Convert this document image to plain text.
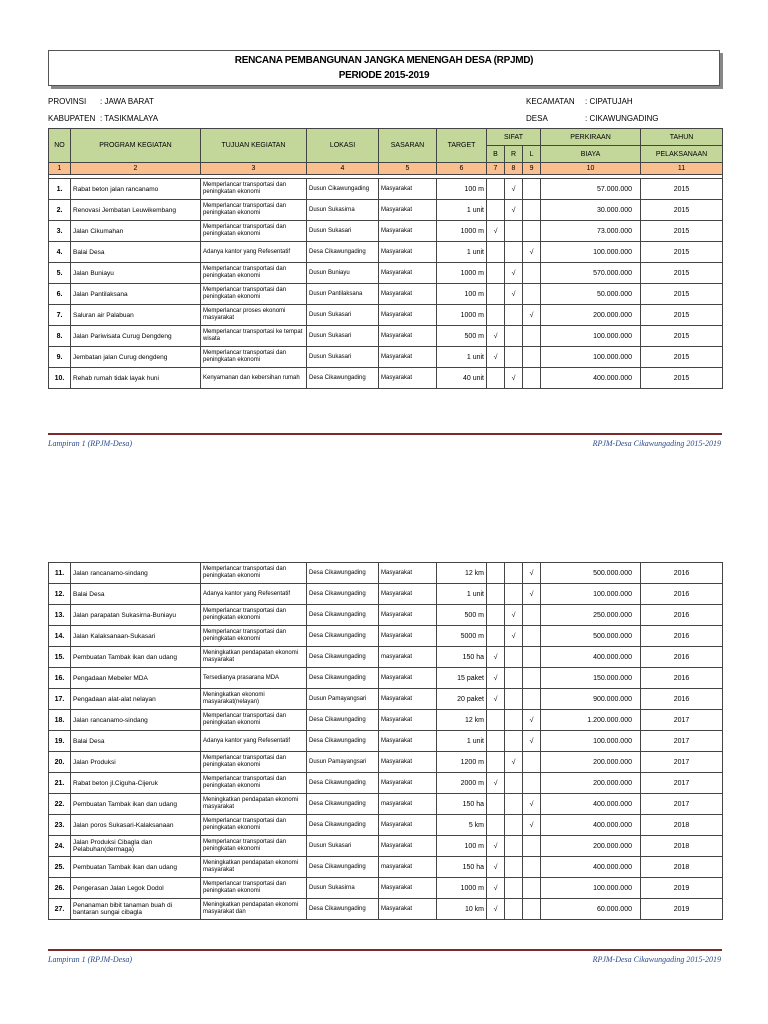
RENCANA PEMBANGUNAN JANGKA MENENGAH DESA (RPJMD)
PERIODE 2015-2019
PROVINSI : JAWA BARAT
KABUPATEN : TASIKMALAYA
KECAMATAN : CIPATUJAH
DESA	: CIKAWUNGADING
NO	PROGRAM KEGIATAN	TUJUAN KEGIATAN	LOKASI	SASARAN	TARGET	SIFAT			PERKIRAAN	TAHUN
						B	R	L	BIAYA	PELAKSANAAN
1	2	3	4	5	6	7	8	9	10	11

1.	Rabat beton jalan rancanamo	Memperlancar transportasi dan peningkatan ekonomi	Dusun Cikawungading	Masyarakat	100 m		√		57.000.000	2015
2.	Renovasi Jembatan Leuwikembang	Memperlancar transportasi dan peningkatan ekonomi	Dusun Sukasirna	Masyarakat	1 unit		√		30.000.000	2015
3.	Jalan Cikumahan	Memperlancar transportasi dan peningkatan ekonomi	Dusun Sukasari	Masyarakat	1000 m	√			73.000.000	2015
4.	Balai Desa	Adanya kantor yang Refesentatif	Desa Cikawungading	Masyarakat	1 unit			√	100.000.000	2015
5.	Jalan Buniayu	Memperlancar transportasi dan peningkatan ekonomi	Dusun Buniayu	Masyarakat	1000 m		√		570.000.000	2015
6.	Jalan Pantilaksana	Memperlancar transportasi dan peningkatan ekonomi	Dusun Pantilaksana	Masyarakat	100 m		√		50.000.000	2015
7.	Saluran air Palabuan	Memperlancar proses ekonomi masyarakat	Dusun Sukasari	Masyarakat	1000 m			√	200.000.000	2015
8.	Jalan Pariwisata Curug Dengdeng	Memperlancar transportasi ke tempat wisata	Dusun Sukasari	Masyarakat	500 m	√			100.000.000	2015
9.	Jembatan jalan Curug dengdeng	Memperlancar transportasi dan peningkatan ekonomi	Dusun Sukasari	Masyarakat	1 unit	√			100.000.000	2015
10.	Rehab rumah tidak layak huni	Kenyamanan dan kebersihan rumah	Desa Cikawungading	Masyarakat	40 unit		√		400.000.000	2015
Lampiran 1 (RPJM-Desa)	RPJM-Desa Cikawungading 2015-2019
11.	Jalan rancanamo-sindang	Memperlancar transportasi dan peningkatan ekonomi	Desa Cikawungading	Masyarakat	12 km			√	500.000.000	2016
12.	Balai Desa	Adanya kantor yang Refesentatif	Desa Cikawungading	Masyarakat	1 unit			√	100.000.000	2016
13.	Jalan parapatan Sukasirna-Buniayu	Memperlancar transportasi dan peningkatan ekonomi	Desa Cikawungading	Masyarakat	500 m		√		250.000.000	2016
14.	Jalan Kalaksanaan-Sukasari	Memperlancar transportasi dan peningkatan ekonomi	Desa Cikawungading	Masyarakat	5000 m		√		500.000.000	2016
15.	Pembuatan Tambak ikan dan udang	Meningkatkan pendapatan ekonomi masyarakat	Desa Cikawungading	masyarakat	150 ha	√			400.000.000	2016
16.	Pengadaan Mebeler MDA	Tersedianya prasarana MDA	Desa Cikawungading	Masyarakat	15 paket	√			150.000.000	2016
17.	Pengadaan alat-alat nelayan	Meningkatkan ekonomi masyarakat(nelayan)	Dusun Pamayangsari	Masyarakat	20 paket	√			900.000.000	2016
18.	Jalan rancanamo-sindang	Memperlancar transportasi dan peningkatan ekonomi	Desa Cikawungading	Masyarakat	12 km			√	1.200.000.000	2017
19.	Balai Desa	Adanya kantor yang Refesentatif	Desa Cikawungading	Masyarakat	1 unit			√	100.000.000	2017
20.	Jalan Produksi	Memperlancar transportasi dan peningkatan ekonomi	Dusun Pamayangsari	Masyarakat	1200 m		√		200.000.000	2017
21.	Rabat beton jl.Ciguha-Cijeruk	Memperlancar transportasi dan peningkatan ekonomi	Desa Cikawungading	Masyarakat	2000 m	√			200.000.000	2017
22.	Pembuatan Tambak ikan dan udang	Meningkatkan pendapatan ekonomi masyarakat	Desa Cikawungading	masyarakat	150 ha			√	400.000.000	2017
23.	Jalan poros Sukasari-Kalaksanaan	Memperlancar transportasi dan peningkatan ekonomi	Desa Cikawungading	Masyarakat	5 km			√	400.000.000	2018
24.	Jalan Produksi Cibagla dan Pelabuhan(dermaga)	Memperlancar transportasi dan peningkatan ekonomi	Dusun Sukasari	Masyarakat	100 m	√			200.000.000	2018
25.	Pembuatan Tambak ikan dan udang	Meningkatkan pendapatan ekonomi masyarakat	Desa Cikawungading	masyarakat	150 ha	√			400.000.000	2018
26.	Pengerasan Jalan Legok Dodol	Memperlancar transportasi dan peningkatan ekonomi	Dusun Sukasirna	Masyarakat	1000 m	√			100.000.000	2019
27.	Penanaman bibit tanaman buah di bantaran sungai cibagla	Meningkatkan pendapatan ekonomi masyarakat dan	Desa Cikawungading	Masyarakat	10 km	√			60.000.000	2019
Lampiran 1 (RPJM-Desa)	RPJM-Desa Cikawungading 2015-2019
